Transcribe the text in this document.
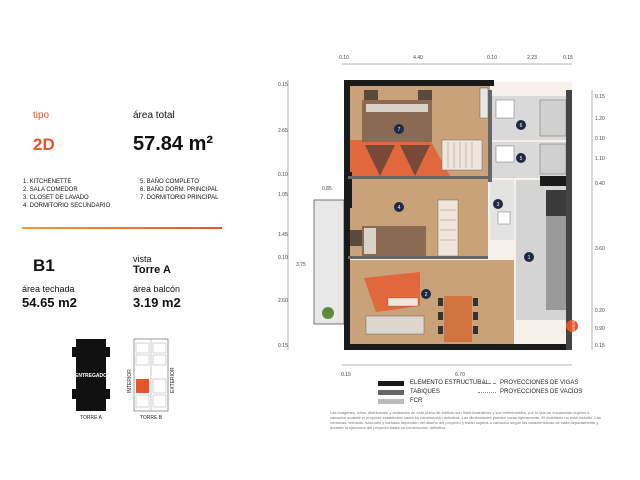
tipo
2D
área total
57.84 m²
1. KITCHENETTE
2. SALA COMEDOR
3. CLOSET DE LAVADO
4. DORMITORIO SECUNDARIO
5. BAÑO COMPLETO
6. BAÑO DORM. PRINCIPAL
7. DORMITORIO PRINCIPAL
B1	vista
Torre A
área techada
54.65 m2
área balcón
3.19 m2
ENTREGADO
TORRE A
INTERIOR	EXTERIOR
TORRE B
0.10	4.40	0.10	2.23	0.15
0.15
2.65
0.10
1.05
1.45
0.10
2.60
0.15
0.85
3.75
0.15
1.20
0.10
1.10
0.40
3.60
0.20
0.90
0.15
0.15	6.70
7
6
5
4	3
2
1
INGRESO
ELEMENTO ESTRUCTURAL
TABIQUES
FCR
PROYECCIONES DE VIGAS
PROYECCIONES DE VACÍOS
Las imágenes, fotos, distribución y acabados en este plano de edificio son fines ilustrativos y son referenciales, por lo que se encuentran sujetos a variación durante el proyecto establecido hasta su construcción definitiva. Las dimensiones pueden variar ligeramente. El mobiliario no está incluido. Las ventanas, terrazas, balcones y fachada dependen del diseño del proyecto y están sujetos a variación según las características de cada departamento y durante la ejecución del proyecto hasta su construcción definitiva.
